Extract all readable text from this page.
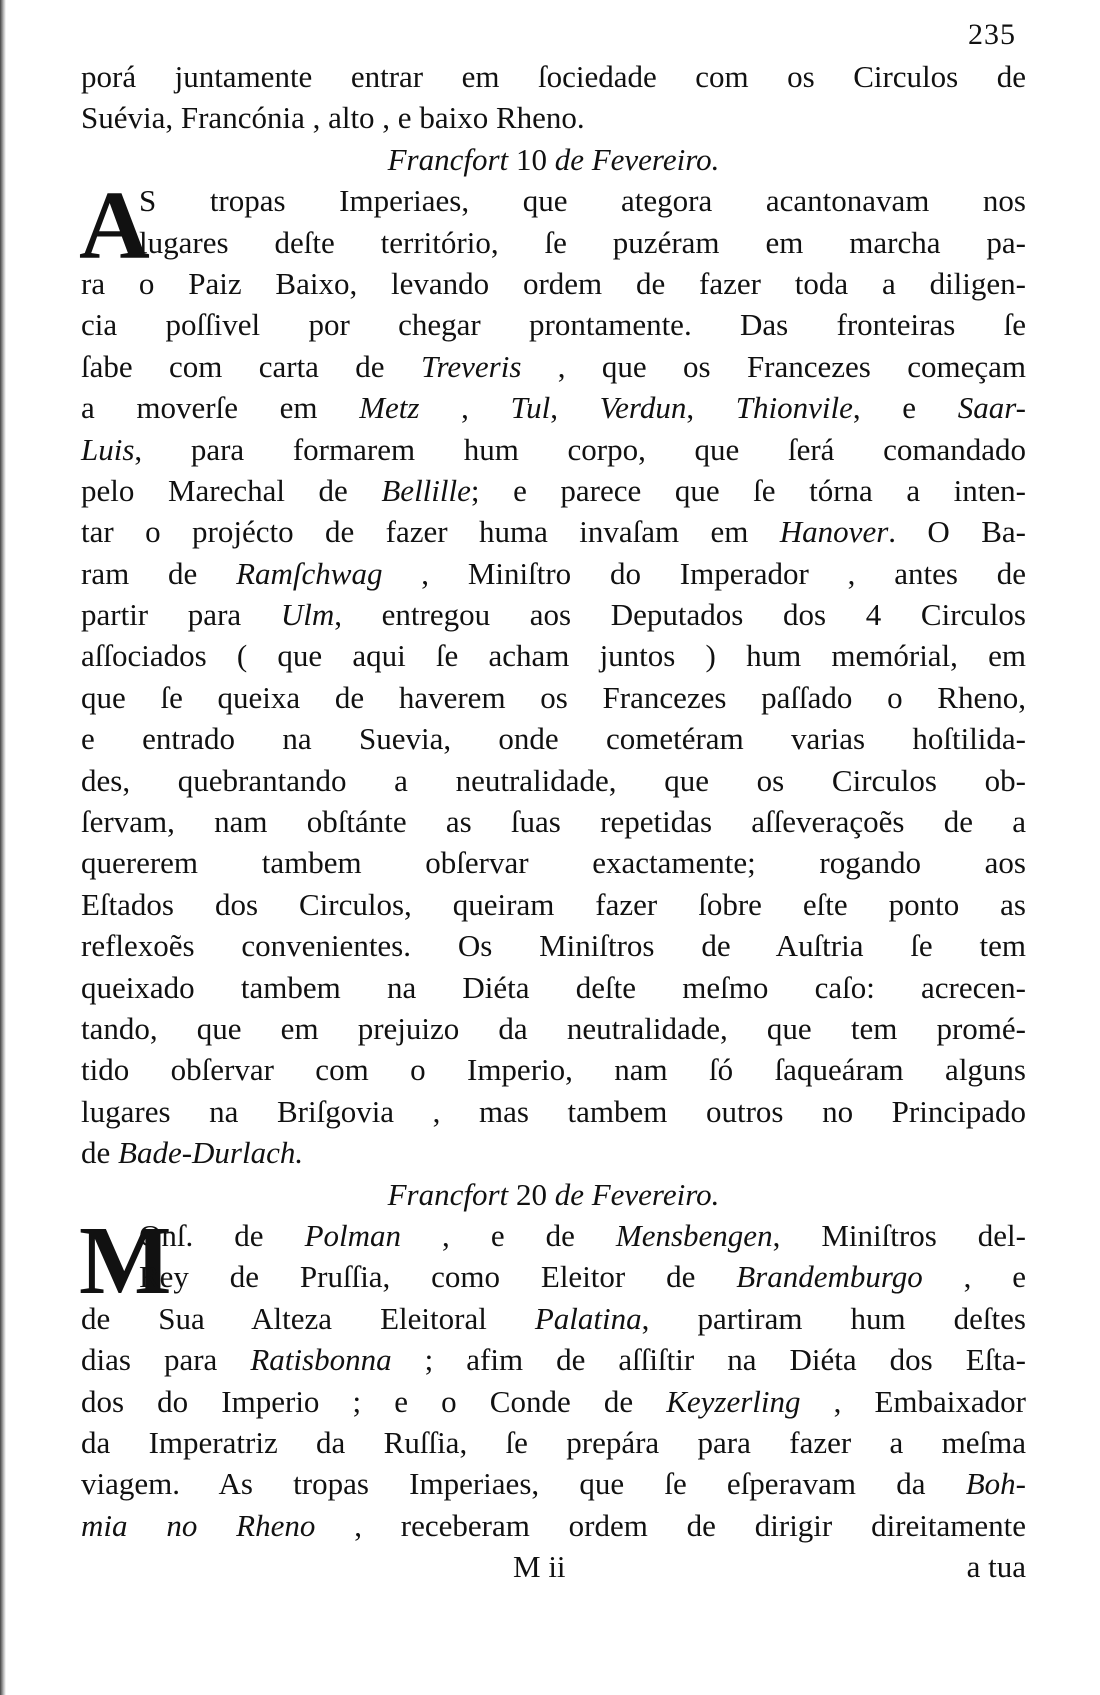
235
porá juntamente entrar em ſociedade com os Circulos de
Suévia, Francónia , alto , e baixo Rheno.
Francfort 10 de Fevereiro.
A
S tropas Imperiaes, que ategora acantonavam nos
lugares deſte território, ſe puzéram em marcha pa-
ra o Paiz Baixo, levando ordem de fazer toda a diligen-
cia poſſivel por chegar prontamente. Das fronteiras ſe
ſabe com carta de Treveris , que os Francezes começam
a moverſe em Metz , Tul, Verdun, Thionvile, e Saar-
Luis, para formarem hum corpo, que ſerá comandado
pelo Marechal de Bellille; e parece que ſe tórna a inten-
tar o projécto de fazer huma invaſam em Hanover. O Ba-
ram de Ramſchwag , Miniſtro do Imperador , antes de
partir para Ulm, entregou aos Deputados dos 4 Circulos
aſſociados ( que aqui ſe acham juntos ) hum memórial, em
que ſe queixa de haverem os Francezes paſſado o Rheno,
e entrado na Suevia, onde cometéram varias hoſtilida-
des, quebrantando a neutralidade, que os Circulos ob-
ſervam, nam obſtánte as ſuas repetidas aſſeveraçoẽs de a
quererem tambem obſervar exactamente; rogando aos
Eſtados dos Circulos, queiram fazer ſobre eſte ponto as
reflexoẽs convenientes. Os Miniſtros de Auſtria ſe tem
queixado tambem na Diéta deſte meſmo caſo: acrecen-
tando, que em prejuizo da neutralidade, que tem promé-
tido obſervar com o Imperio, nam ſó ſaqueáram alguns
lugares na Briſgovia , mas tambem outros no Principado
de Bade-Durlach.
Francfort 20 de Fevereiro.
M
Onſ. de Polman , e de Mensbengen, Miniſtros del-
Rey de Pruſſia, como Eleitor de Brandemburgo , e
de Sua Alteza Eleitoral Palatina, partiram hum deſtes
dias para Ratisbonna ; afim de aſſiſtir na Diéta dos Eſta-
dos do Imperio ; e o Conde de Keyzerling , Embaixador
da Imperatriz da Ruſſia, ſe prepára para fazer a meſma
viagem. As tropas Imperiaes, que ſe eſperavam da Boh-
mia no Rheno , receberam ordem de dirigir direitamente
M ii	a tua
